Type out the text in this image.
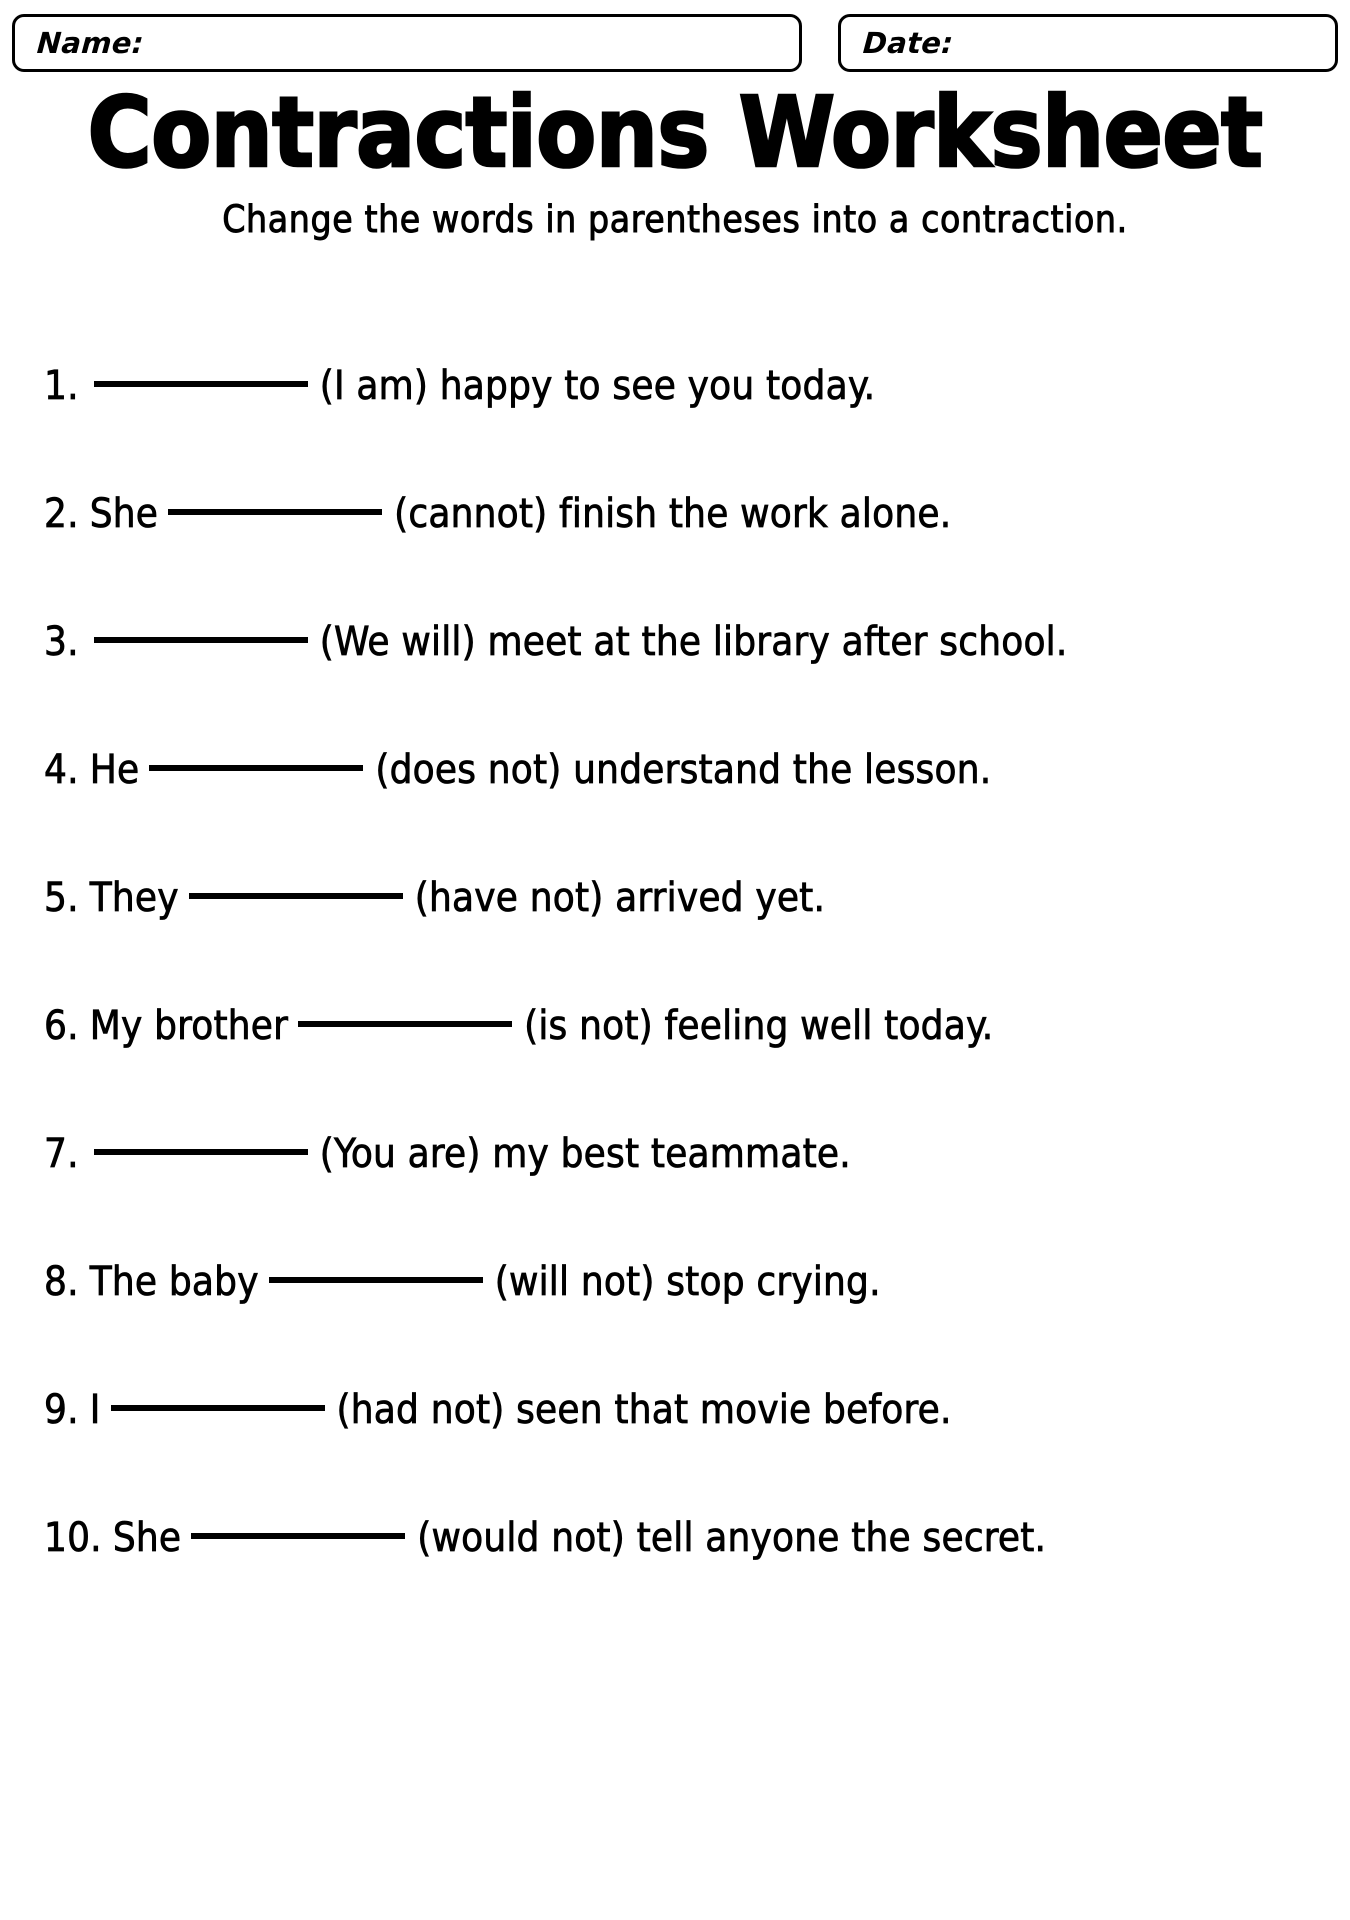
Name:	Date:
Contractions Worksheet
Change the words in parentheses into a contraction.
1.	(I am) happy to see you today.
2. She	(cannot) finish the work alone.
3.	(We will) meet at the library after school.
4. He	(does not) understand the lesson.
5. They	(have not) arrived yet.
6. My brother	(is not) feeling well today.
7.	(You are) my best teammate.
8. The baby	(will not) stop crying.
9. I	(had not) seen that movie before.
10. She	(would not) tell anyone the secret.
